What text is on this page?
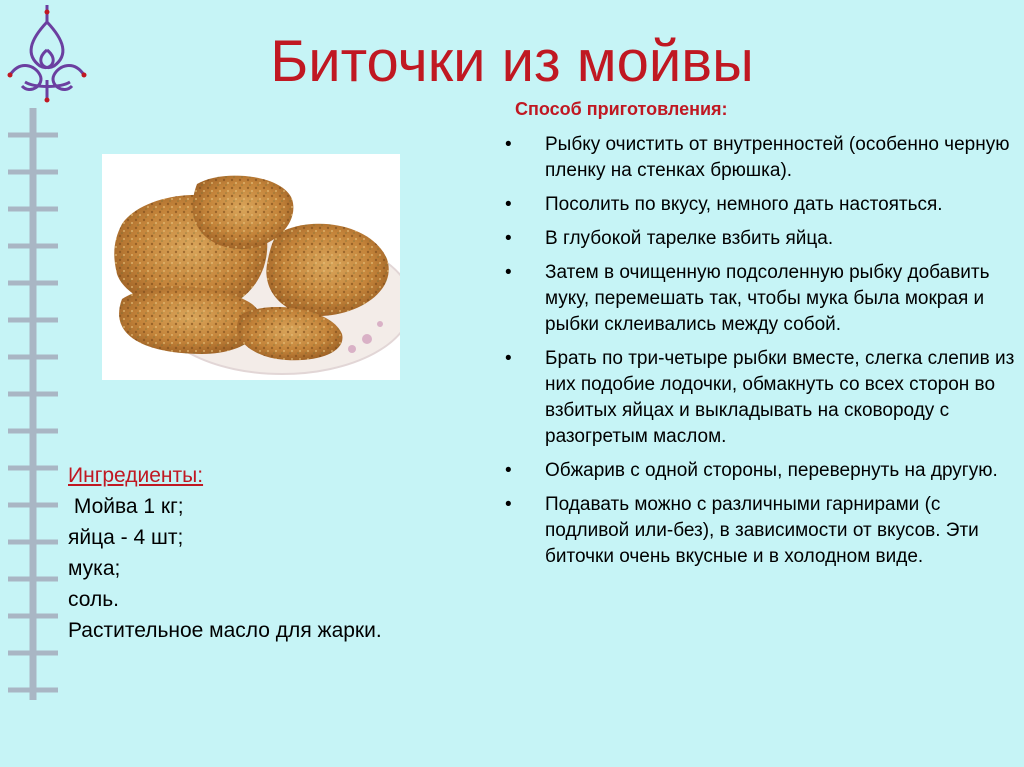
Биточки из мойвы
Ингредиенты:
Мойва 1 кг;
яйца - 4 шт;
мука;
соль.
Растительное масло для жарки.
Способ приготовления:
• Рыбку очистить от внутренностей (особенно черную пленку на стенках брюшка).
• Посолить по вкусу, немного дать настояться.
• В глубокой тарелке взбить яйца.
• Затем в очищенную подсоленную рыбку добавить муку, перемешать так, чтобы мука была мокрая и рыбки склеивались между собой.
• Брать по три-четыре рыбки вместе, слегка слепив из них подобие лодочки, обмакнуть со всех сторон во взбитых яйцах и выкладывать на сковороду с разогретым маслом.
• Обжарив с одной стороны, перевернуть на другую.
• Подавать можно с различными гарнирами (с подливой или-без), в зависимости от вкусов. Эти биточки очень вкусные и в холодном виде.
